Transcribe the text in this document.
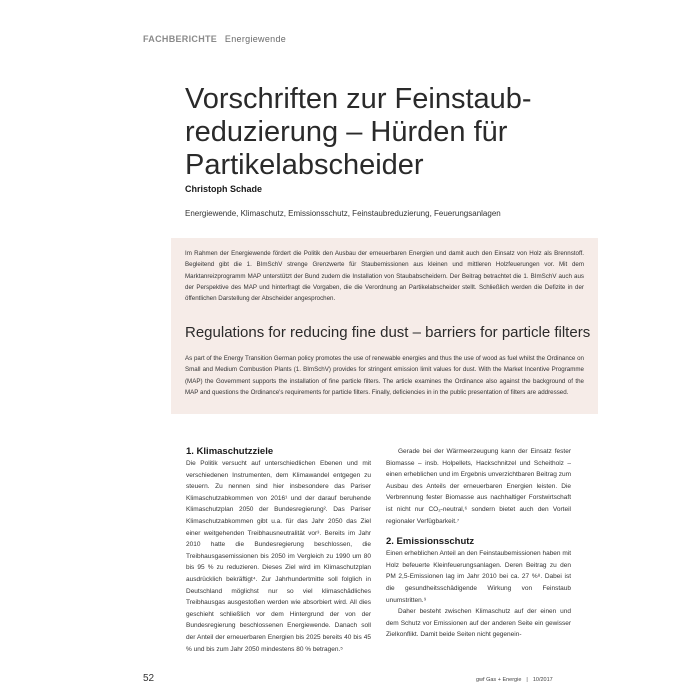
FACHBERICHTE Energiewende
Vorschriften zur Feinstaub-reduzierung – Hürden für Partikelabscheider
Christoph Schade
Energiewende, Klimaschutz, Emissionsschutz, Feinstaubreduzierung, Feuerungsanlagen

Im Rahmen der Energiewende fördert die Politik den Ausbau der erneuerbaren Energien und damit auch den Einsatz von Holz als Brennstoff. Begleitend gibt die 1. BImSchV strenge Grenzwerte für Staubemissionen aus kleinen und mittleren Holzfeuerungen vor. Mit dem Marktanreizprogramm MAP unterstützt der Bund zudem die Installation von Staubabscheidern. Der Beitrag betrachtet die 1. BImSchV auch aus der Perspektive des MAP und hinterfragt die Vorgaben, die die Verordnung an Partikelabscheider stellt. Schließlich werden die Defizite in der öffentlichen Darstellung der Abscheider angesprochen.

Regulations for reducing fine dust – barriers for particle filters

As part of the Energy Transition German policy promotes the use of renewable energies and thus the use of wood as fuel whilst the Ordinance on Small and Medium Combustion Plants (1. BImSchV) provides for stringent emission limit values for dust. With the Market Incentive Programme (MAP) the Government supports the installation of fine particle filters. The article examines the Ordinance also against the background of the MAP and questions the Ordinance's requirements for particle filters. Finally, deficiencies in in the public presentation of filters are addressed.

1. Klimaschutzziele

Die Politik versucht auf unterschiedlichen Ebenen und mit verschiedenen Instrumenten, dem Klimawandel entgegen zu steuern. Zu nennen sind hier insbesondere das Pariser Klimaschutzabkommen von 2016¹ und der darauf beruhende Klimaschutzplan 2050 der Bundesregierung². Das Pariser Klimaschutzabkommen gibt u.a. für das Jahr 2050 das Ziel einer weitgehenden Treibhausneutralität vor³. Bereits im Jahr 2010 hatte die Bundesregierung beschlossen, die Treibhausgasemissionen bis 2050 im Vergleich zu 1990 um 80 bis 95 % zu reduzieren. Dieses Ziel wird im Klimaschutzplan ausdrücklich bekräftigt⁴. Zur Jahrhundertmitte soll folglich in Deutschland möglichst nur so viel klimaschädliches Treibhausgas ausgestoßen werden wie absorbiert wird. All dies geschieht schließlich vor dem Hintergrund der von der Bundesregierung beschlossenen Energiewende. Danach soll der Anteil der erneuerbaren Energien bis 2025 bereits 40 bis 45 % und bis zum Jahr 2050 mindestens 80 % betragen.⁵

Gerade bei der Wärmeerzeugung kann der Einsatz fester Biomasse – insb. Holpellets, Hackschnitzel und Scheitholz – einen erheblichen und im Ergebnis unverzichtbaren Beitrag zum Ausbau des Anteils der erneuerbaren Energien leisten. Die Verbrennung fester Biomasse aus nachhaltiger Forstwirtschaft ist nicht nur CO₂-neutral,⁶ sondern bietet auch den Vorteil regionaler Verfügbarkeit.⁷

2. Emissionsschutz

Einen erheblichen Anteil an den Feinstaubemissionen haben mit Holz befeuerte Kleinfeuerungsanlagen. Deren Beitrag zu den PM 2,5-Emissionen lag im Jahr 2010 bei ca. 27 %⁸. Dabei ist die gesundheitsschädigende Wirkung von Feinstaub unumstritten.⁹

Daher besteht zwischen Klimaschutz auf der einen und dem Schutz vor Emissionen auf der anderen Seite ein gewisser Zielkonflikt. Damit beide Seiten nicht gegenein-

52	gwf Gas + Energie | 10/2017
